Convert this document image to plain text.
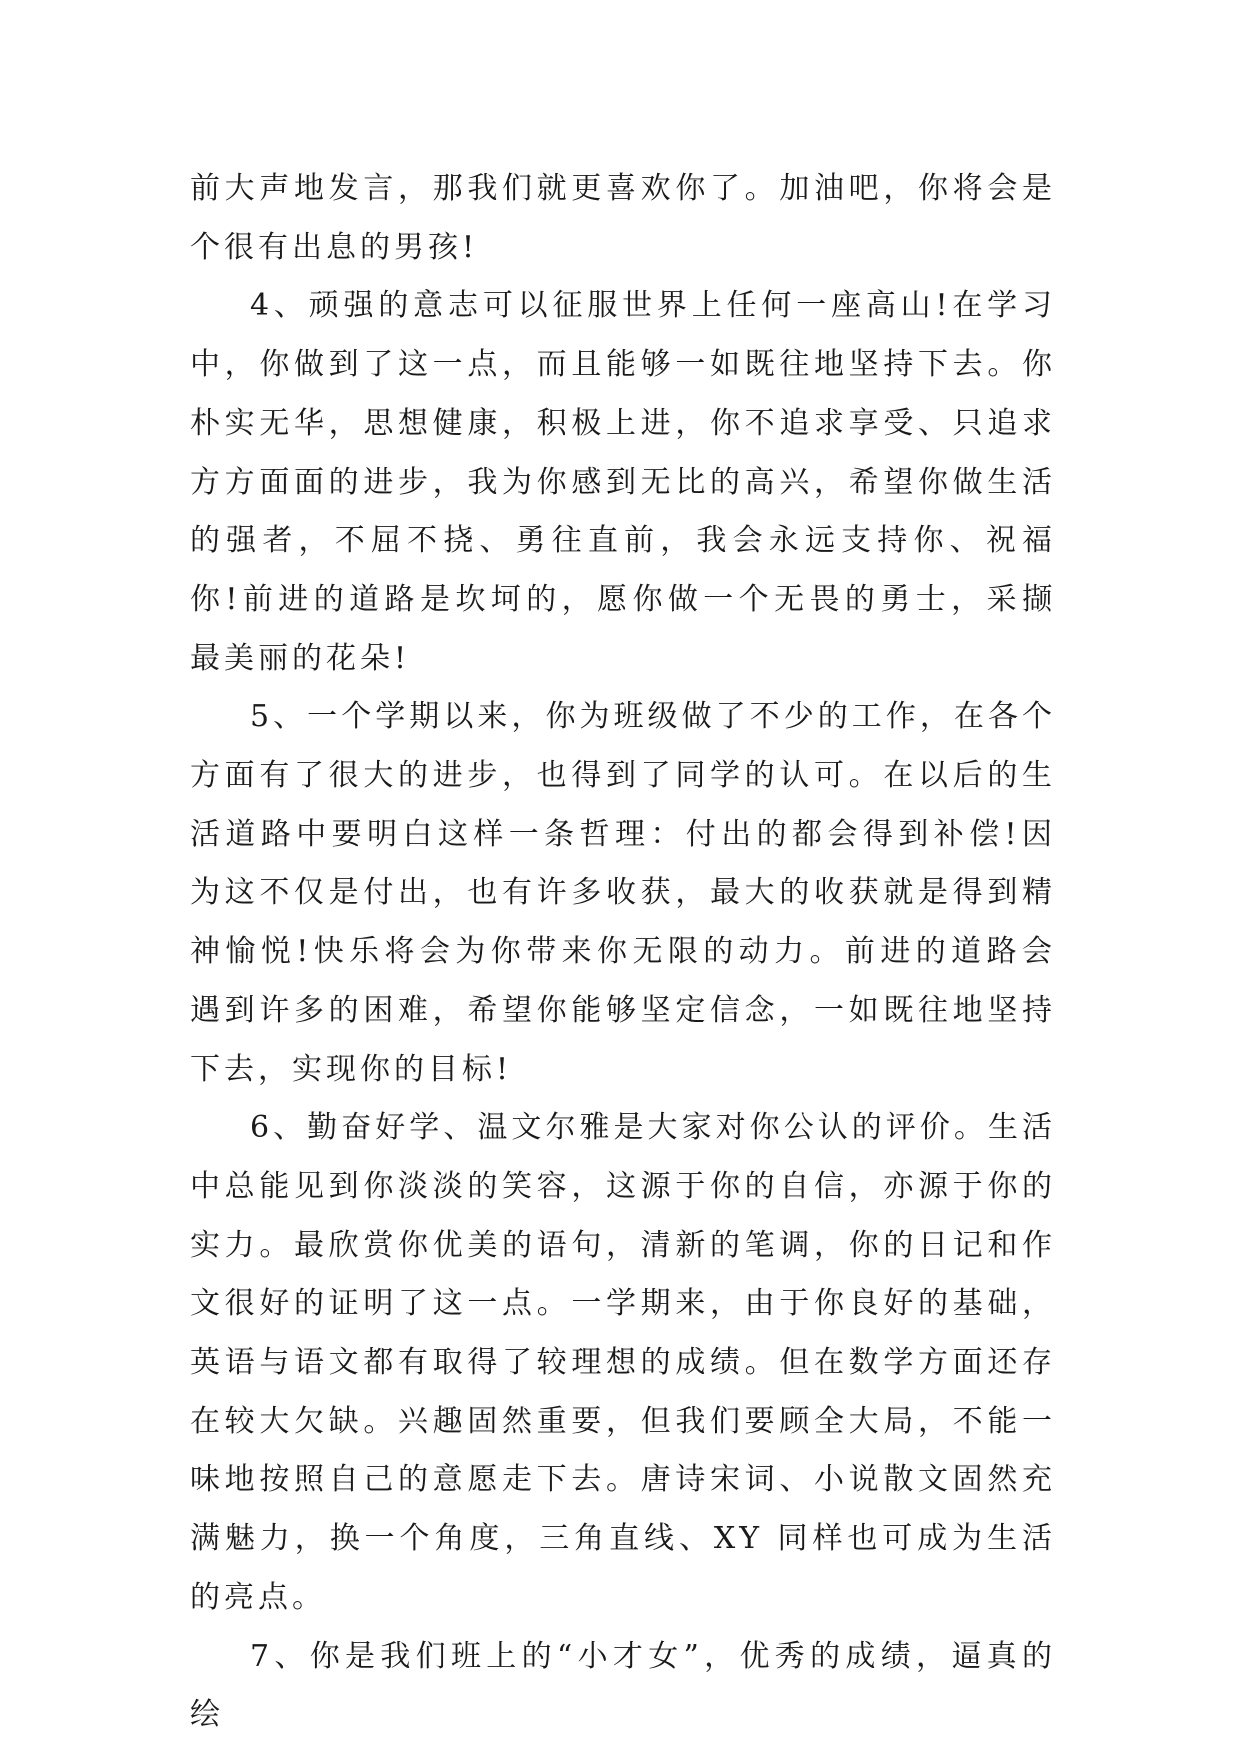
前大声地发言，那我们就更喜欢你了。加油吧，你将会是个很有出息的男孩!

4、顽强的意志可以征服世界上任何一座高山!在学习中，你做到了这一点，而且能够一如既往地坚持下去。你朴实无华，思想健康，积极上进，你不追求享受、只追求方方面面的进步，我为你感到无比的高兴，希望你做生活的强者，不屈不挠、勇往直前，我会永远支持你、祝福你!前进的道路是坎坷的，愿你做一个无畏的勇士，采撷最美丽的花朵!

5、一个学期以来，你为班级做了不少的工作，在各个方面有了很大的进步，也得到了同学的认可。在以后的生活道路中要明白这样一条哲理：付出的都会得到补偿!因为这不仅是付出，也有许多收获，最大的收获就是得到精神愉悦!快乐将会为你带来你无限的动力。前进的道路会遇到许多的困难，希望你能够坚定信念，一如既往地坚持下去，实现你的目标!

6、勤奋好学、温文尔雅是大家对你公认的评价。生活中总能见到你淡淡的笑容，这源于你的自信，亦源于你的实力。最欣赏你优美的语句，清新的笔调，你的日记和作文很好的证明了这一点。一学期来，由于你良好的基础，英语与语文都有取得了较理想的成绩。但在数学方面还存在较大欠缺。兴趣固然重要，但我们要顾全大局，不能一味地按照自己的意愿走下去。唐诗宋词、小说散文固然充满魅力，换一个角度，三角直线、XY 同样也可成为生活的亮点。

7、你是我们班上的“小才女”，优秀的成绩，逼真的绘
